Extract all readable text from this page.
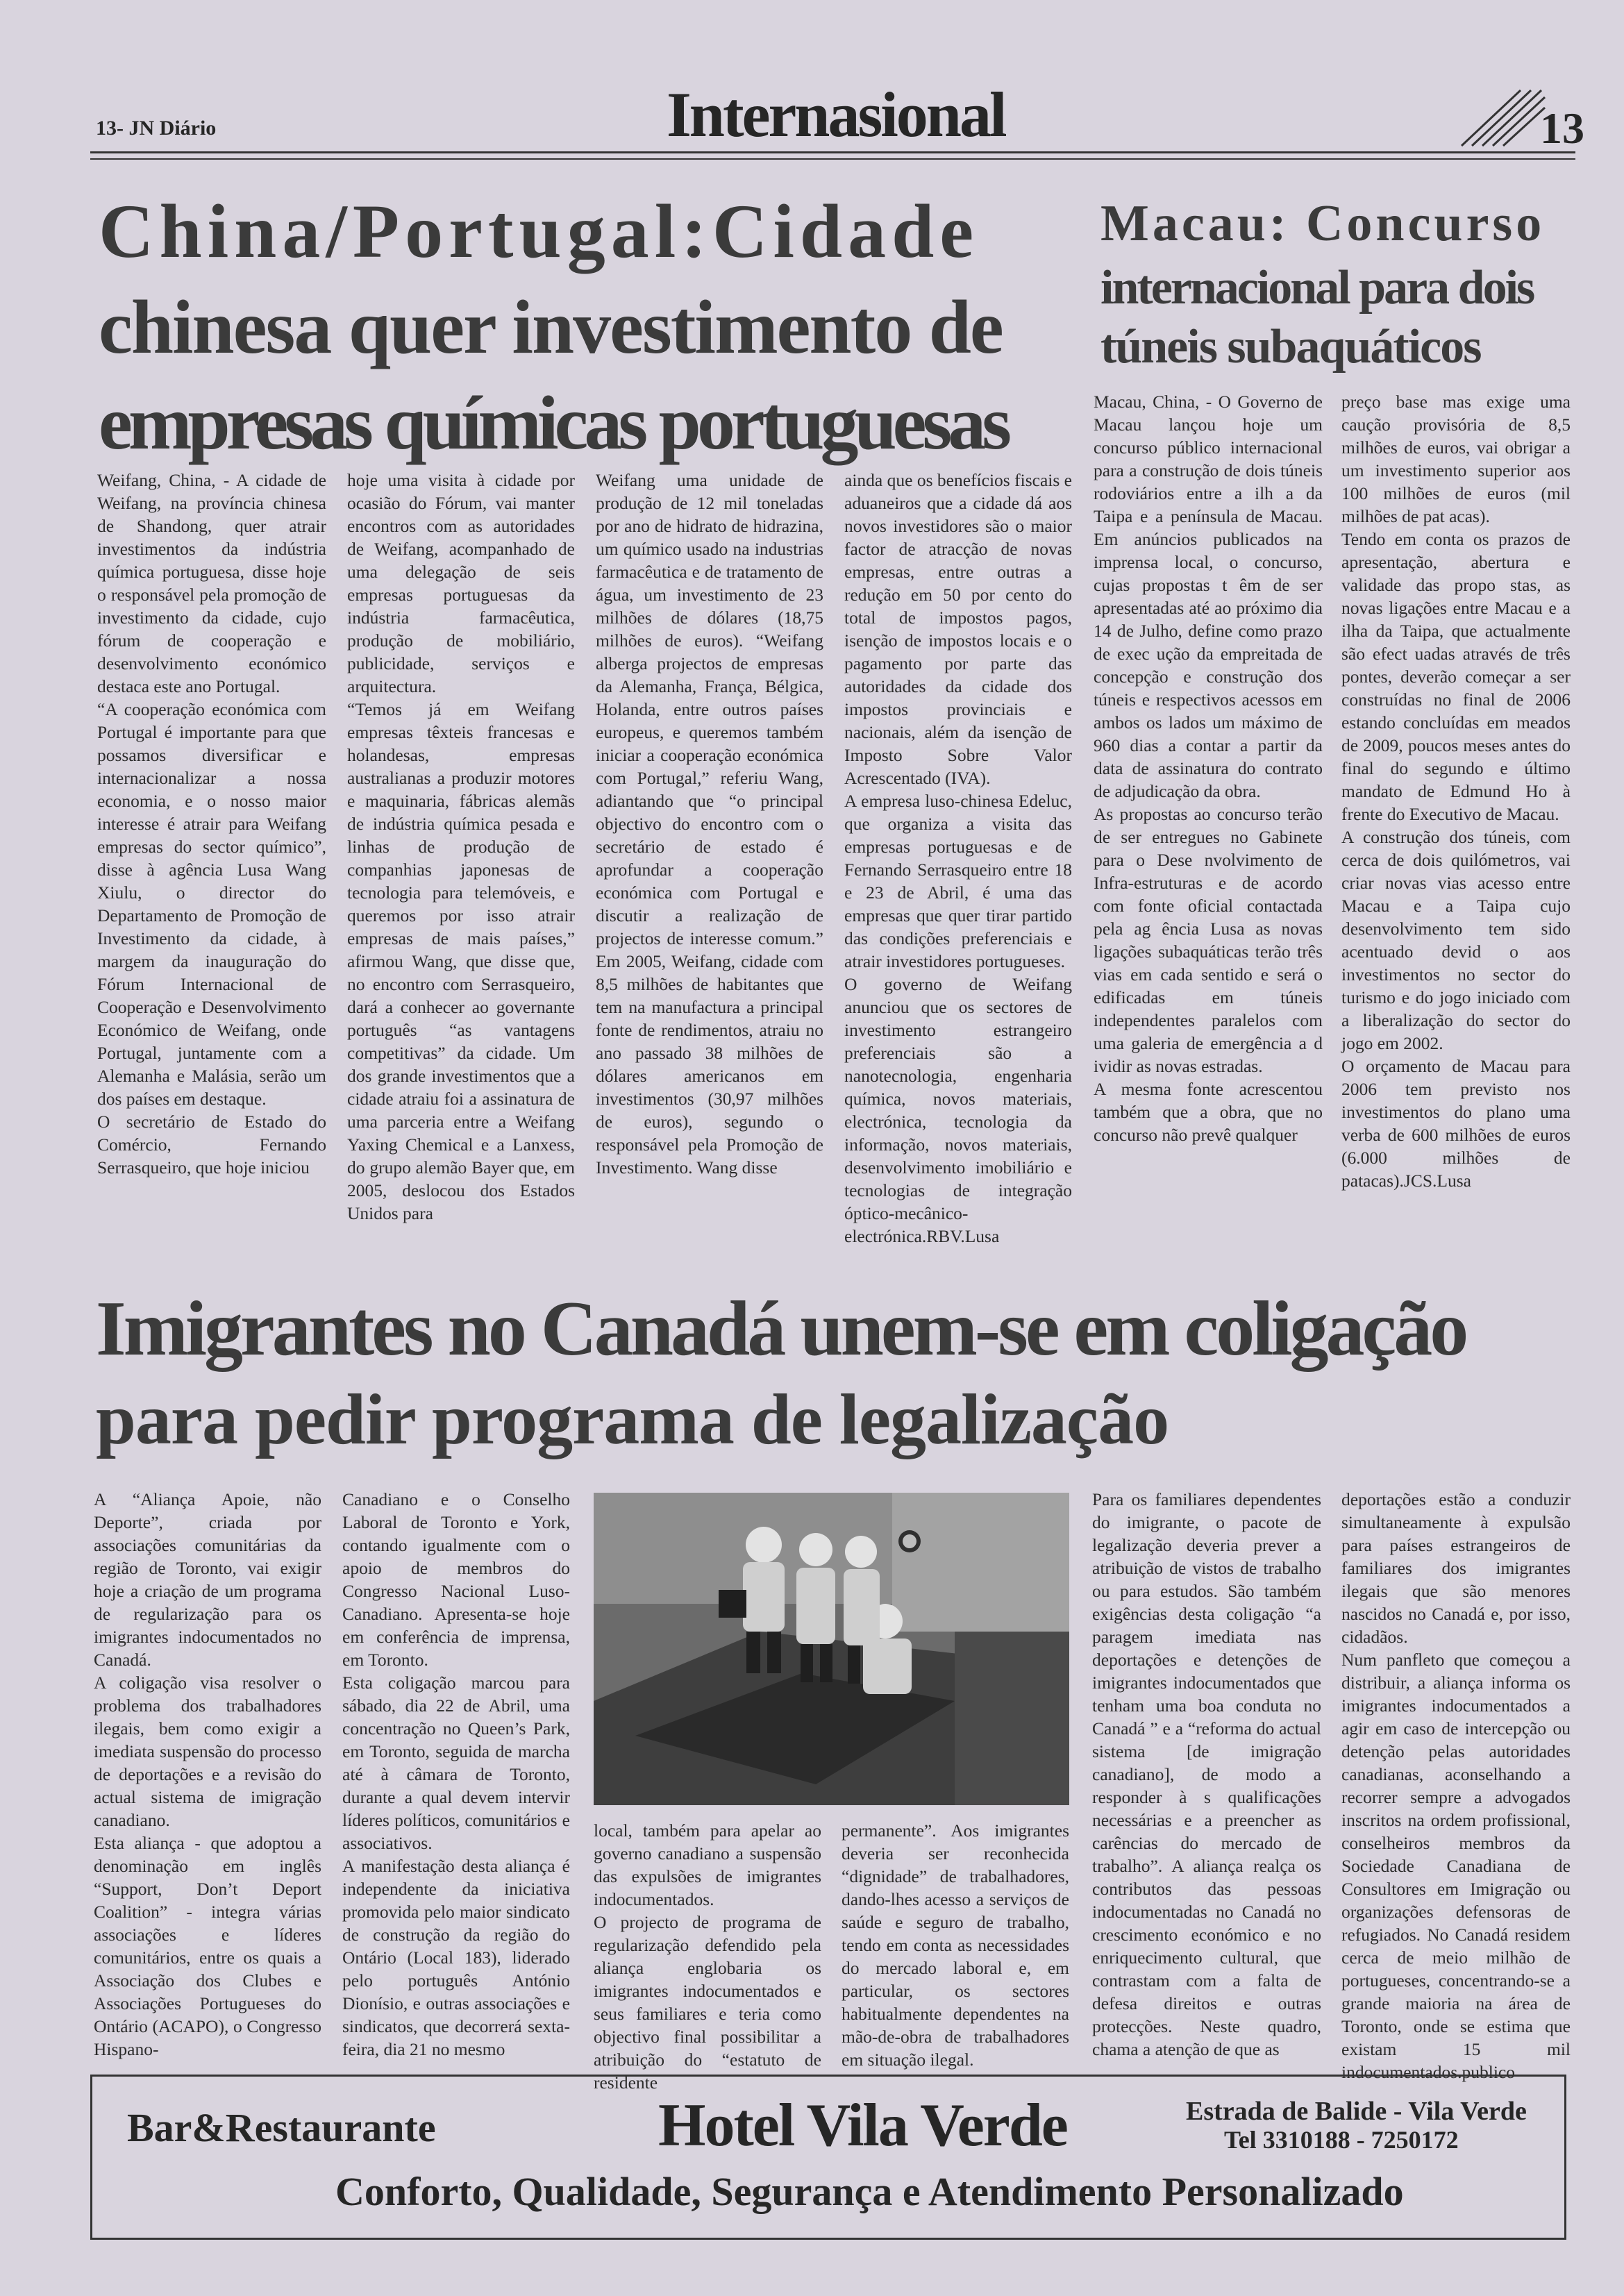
13- JN Diário	Internasional	13
China/Portugal:Cidade
chinesa quer investimento de
empresas químicas portuguesas
Macau: Concurso
internacional para dois
túneis subaquáticos

Weifang, China, - A cidade de Weifang, na província chinesa de Shandong, quer atrair investimentos da indústria química portuguesa, disse hoje o responsável pela promoção de investimento da cidade, cujo fórum de cooperação e desenvolvimento económico destaca este ano Portugal.

“A cooperação económica com Portugal é importante para que possamos diversificar e internacionalizar a nossa economia, e o nosso maior interesse é atrair para Weifang empresas do sector químico”, disse à agência Lusa Wang Xiulu, o director do Departamento de Promoção de Investimento da cidade, à margem da inauguração do Fórum Internacional de Cooperação e Desenvolvimento Económico de Weifang, onde Portugal, juntamente com a Alemanha e Malásia, serão um dos países em destaque.

O secretário de Estado do Comércio, Fernando Serrasqueiro, que hoje iniciou

hoje uma visita à cidade por ocasião do Fórum, vai manter encontros com as autoridades de Weifang, acompanhado de uma delegação de seis empresas portuguesas da indústria farmacêutica, produção de mobiliário, publicidade, serviços e arquitectura.

“Temos já em Weifang empresas têxteis francesas e holandesas, empresas australianas a produzir motores e maquinaria, fábricas alemãs de indústria química pesada e linhas de produção de companhias japonesas de tecnologia para telemóveis, e queremos por isso atrair empresas de mais países,” afirmou Wang, que disse que, no encontro com Serrasqueiro, dará a conhecer ao governante português “as vantagens competitivas” da cidade. Um dos grande investimentos que a cidade atraiu foi a assinatura de uma parceria entre a Weifang Yaxing Chemical e a Lanxess, do grupo alemão Bayer que, em 2005, deslocou dos Estados Unidos para

Weifang uma unidade de produção de 12 mil toneladas por ano de hidrato de hidrazina, um químico usado na industrias farmacêutica e de tratamento de água, um investimento de 23 milhões de dólares (18,75 milhões de euros). “Weifang alberga projectos de empresas da Alemanha, França, Bélgica, Holanda, entre outros países europeus, e queremos também iniciar a cooperação económica com Portugal,” referiu Wang, adiantando que “o principal objectivo do encontro com o secretário de estado é aprofundar a cooperação económica com Portugal e discutir a realização de projectos de interesse comum.” Em 2005, Weifang, cidade com 8,5 milhões de habitantes que tem na manufactura a principal fonte de rendimentos, atraiu no ano passado 38 milhões de dólares americanos em investimentos (30,97 milhões de euros), segundo o responsável pela Promoção de Investimento. Wang disse

ainda que os benefícios fiscais e aduaneiros que a cidade dá aos novos investidores são o maior factor de atracção de novas empresas, entre outras a redução em 50 por cento do total de impostos pagos, isenção de impostos locais e o pagamento por parte das autoridades da cidade dos impostos provinciais e nacionais, além da isenção de Imposto Sobre Valor Acrescentado (IVA).

A empresa luso-chinesa Edeluc, que organiza a visita das empresas portuguesas e de Fernando Serrasqueiro entre 18 e 23 de Abril, é uma das empresas que quer tirar partido das condições preferenciais e atrair investidores portugueses.

O governo de Weifang anunciou que os sectores de investimento estrangeiro preferenciais são a nanotecnologia, engenharia química, novos materiais, electrónica, tecnologia da informação, novos materiais, desenvolvimento imobiliário e tecnologias de integração óptico-mecânico-electrónica.RBV.Lusa

Macau, China, - O Governo de Macau lançou hoje um concurso público internacional para a construção de dois túneis rodoviários entre a ilh a da Taipa e a península de Macau. Em anúncios publicados na imprensa local, o concurso, cujas propostas t êm de ser apresentadas até ao próximo dia 14 de Julho, define como prazo de exec ução da empreitada de concepção e construção dos túneis e respectivos acessos em ambos os lados um máximo de 960 dias a contar a partir da data de assinatura do contrato de adjudicação da obra.

As propostas ao concurso terão de ser entregues no Gabinete para o Dese nvolvimento de Infra-estruturas e de acordo com fonte oficial contactada pela ag ência Lusa as novas ligações subaquáticas terão três vias em cada sentido e será o edificadas em túneis independentes paralelos com uma galeria de emergência a d ividir as novas estradas.

A mesma fonte acrescentou também que a obra, que no concurso não prevê qualquer

preço base mas exige uma caução provisória de 8,5 milhões de euros, vai obrigar a um investimento superior aos 100 milhões de euros (mil milhões de pat acas).

Tendo em conta os prazos de apresentação, abertura e validade das propo stas, as novas ligações entre Macau e a ilha da Taipa, que actualmente são efect uadas através de três pontes, deverão começar a ser construídas no final de 2006 estando concluídas em meados de 2009, poucos meses antes do final do segundo e último mandato de Edmund Ho à frente do Executivo de Macau.

A construção dos túneis, com cerca de dois quilómetros, vai criar novas vias acesso entre Macau e a Taipa cujo desenvolvimento tem sido acentuado devid o aos investimentos no sector do turismo e do jogo iniciado com a liberalização do sector do jogo em 2002.

O orçamento de Macau para 2006 tem previsto nos investimentos do plano uma verba de 600 milhões de euros (6.000 milhões de patacas).JCS.Lusa

Imigrantes no Canadá unem-se em coligação
para pedir programa de legalização

A “Aliança Apoie, não Deporte”, criada por associações comunitárias da região de Toronto, vai exigir hoje a criação de um programa de regularização para os imigrantes indocumentados no Canadá.

A coligação visa resolver o problema dos trabalhadores ilegais, bem como exigir a imediata suspensão do processo de deportações e a revisão do actual sistema de imigração canadiano.

Esta aliança - que adoptou a denominação em inglês “Support, Don’t Deport Coalition” - integra várias associações e líderes comunitários, entre os quais a Associação dos Clubes e Associações Portugueses do Ontário (ACAPO), o Congresso Hispano-

Canadiano e o Conselho Laboral de Toronto e York, contando igualmente com o apoio de membros do Congresso Nacional Luso-Canadiano. Apresenta-se hoje em conferência de imprensa, em Toronto.

Esta coligação marcou para sábado, dia 22 de Abril, uma concentração no Queen’s Park, em Toronto, seguida de marcha até à câmara de Toronto, durante a qual devem intervir líderes políticos, comunitários e associativos.

A manifestação desta aliança é independente da iniciativa promovida pelo maior sindicato de construção da região do Ontário (Local 183), liderado pelo português António Dionísio, e outras associações e sindicatos, que decorrerá sexta-feira, dia 21 no mesmo

local, também para apelar ao governo canadiano a suspensão das expulsões de imigrantes indocumentados.

O projecto de programa de regularização defendido pela aliança englobaria os imigrantes indocumentados e seus familiares e teria como objectivo final possibilitar a atribuição do “estatuto de residente

permanente”. Aos imigrantes deveria ser reconhecida “dignidade” de trabalhadores, dando-lhes acesso a serviços de saúde e seguro de trabalho, tendo em conta as necessidades do mercado laboral e, em particular, os sectores habitualmente dependentes na mão-de-obra de trabalhadores em situação ilegal.

Para os familiares dependentes do imigrante, o pacote de legalização deveria prever a atribuição de vistos de trabalho ou para estudos. São também exigências desta coligação “a paragem imediata nas deportações e detenções de imigrantes indocumentados que tenham uma boa conduta no Canadá ” e a “reforma do actual sistema [de imigração canadiano], de modo a responder à s qualificações necessárias e a preencher as carências do mercado de trabalho”. A aliança realça os contributos das pessoas indocumentadas no Canadá no crescimento económico e no enriquecimento cultural, que contrastam com a falta de defesa direitos e outras protecções. Neste quadro, chama a atenção de que as

deportações estão a conduzir simultaneamente à expulsão para países estrangeiros de familiares dos imigrantes ilegais que são menores nascidos no Canadá e, por isso, cidadãos.

Num panfleto que começou a distribuir, a aliança informa os imigrantes indocumentados a agir em caso de intercepção ou detenção pelas autoridades canadianas, aconselhando a recorrer sempre a advogados inscritos na ordem profissional, conselheiros membros da Sociedade Canadiana de Consultores em Imigração ou organizações defensoras de refugiados. No Canadá residem cerca de meio milhão de portugueses, concentrando-se a grande maioria na área de Toronto, onde se estima que existam 15 mil indocumentados.publico

Bar&Restaurante	Hotel Vila Verde	Estrada de Balide - Vila Verde
Tel 3310188 - 7250172
Conforto, Qualidade, Segurança e Atendimento Personalizado
